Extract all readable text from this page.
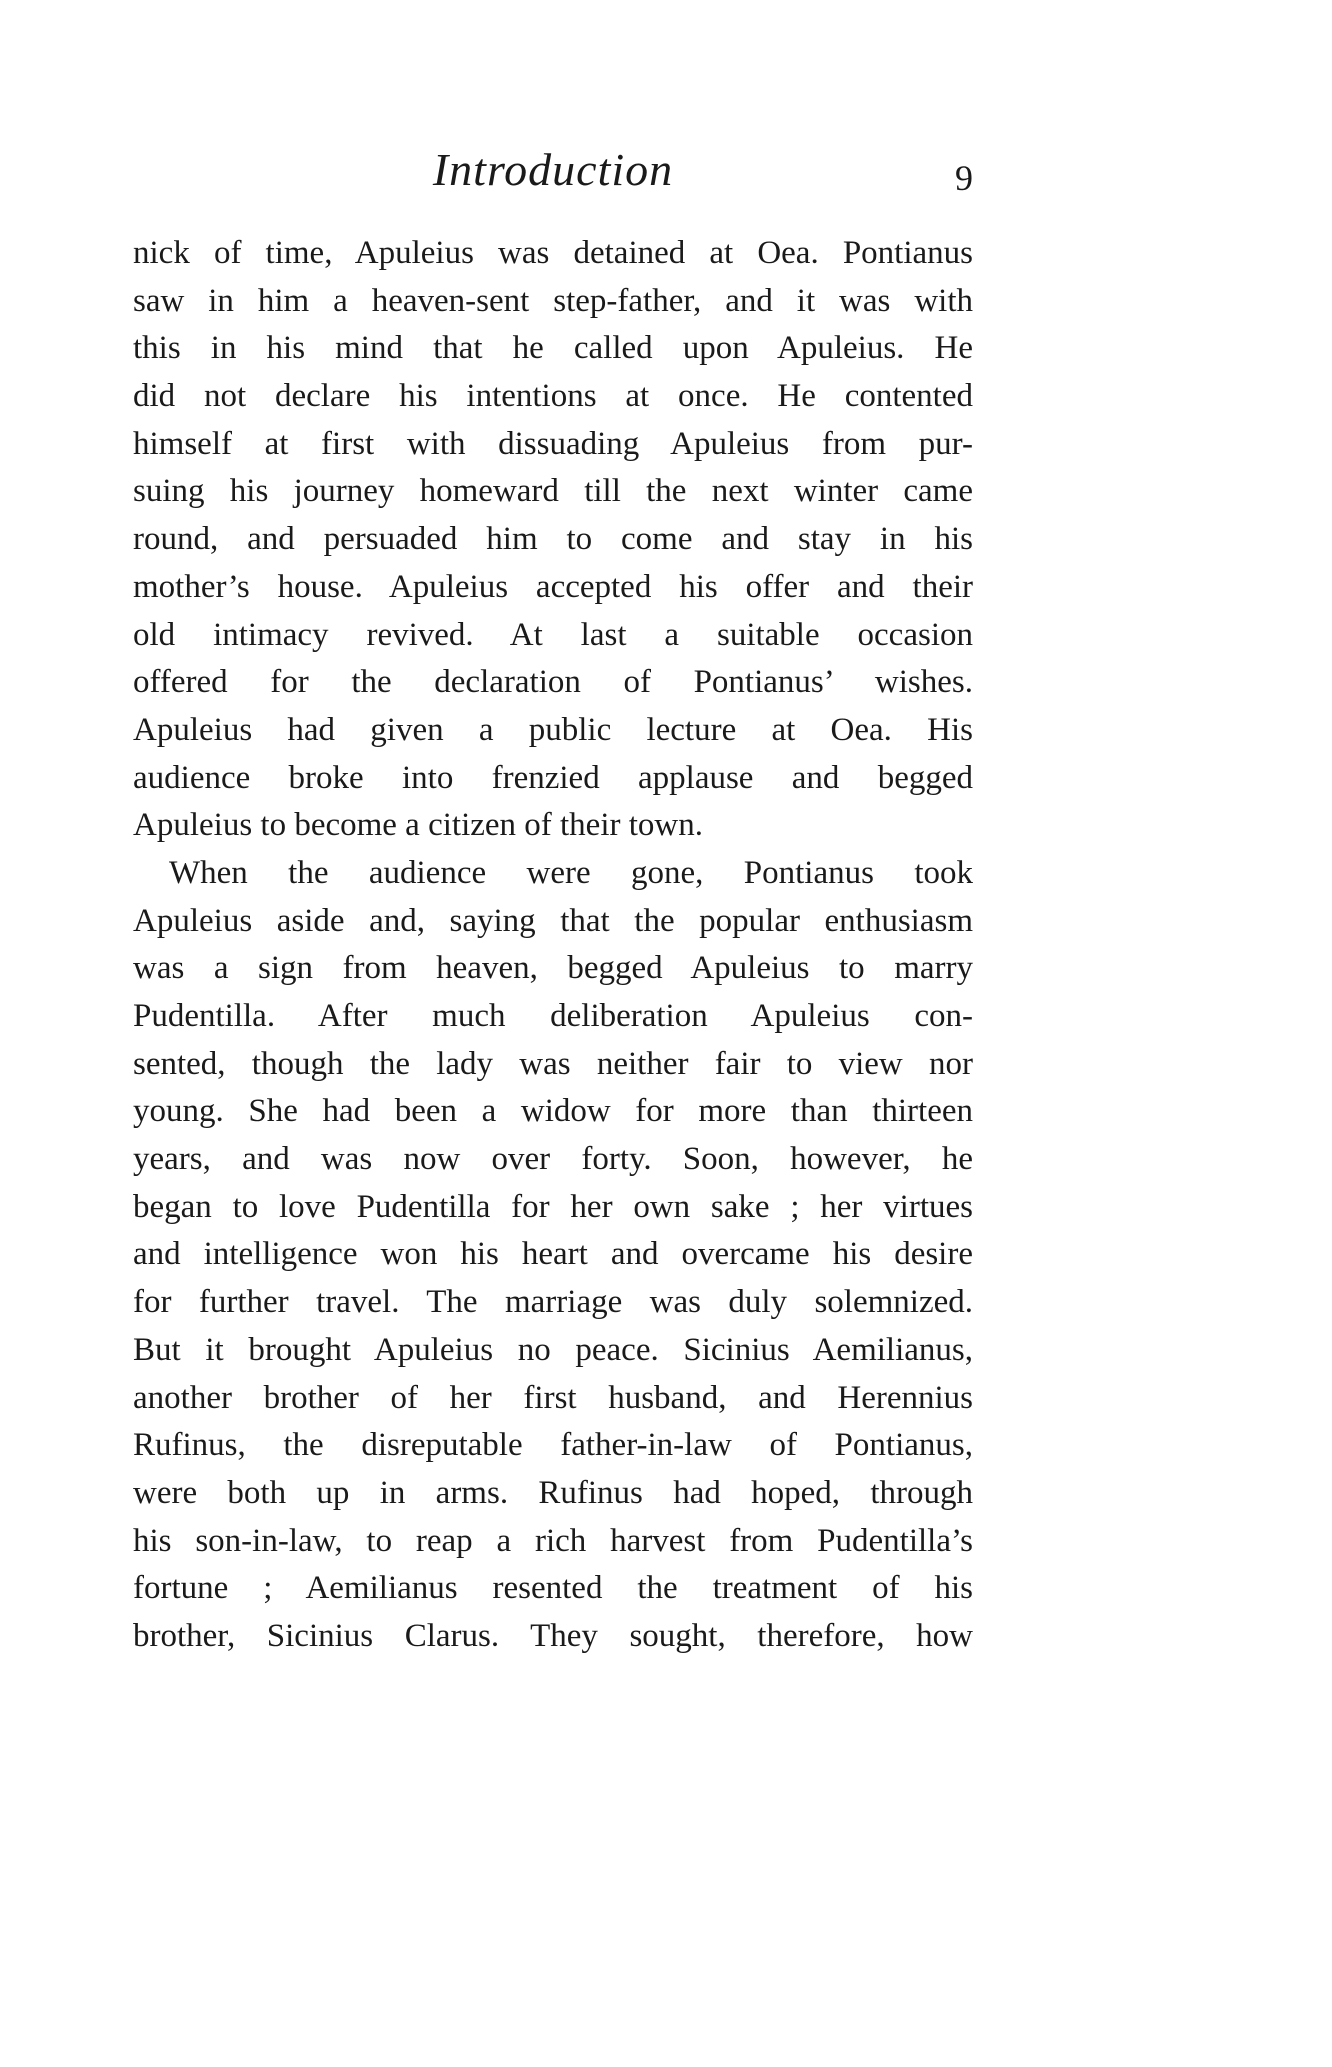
Introduction	9
nick of time, Apuleius was detained at Oea. Pontianus
saw in him a heaven-sent step-father, and it was with
this in his mind that he called upon Apuleius. He
did not declare his intentions at once. He contented
himself at first with dissuading Apuleius from pur-
suing his journey homeward till the next winter came
round, and persuaded him to come and stay in his
mother’s house. Apuleius accepted his offer and their
old intimacy revived. At last a suitable occasion
offered for the declaration of Pontianus’ wishes.
Apuleius had given a public lecture at Oea. His
audience broke into frenzied applause and begged
Apuleius to become a citizen of their town.
When the audience were gone, Pontianus took
Apuleius aside and, saying that the popular enthusiasm
was a sign from heaven, begged Apuleius to marry
Pudentilla. After much deliberation Apuleius con-
sented, though the lady was neither fair to view nor
young. She had been a widow for more than thirteen
years, and was now over forty. Soon, however, he
began to love Pudentilla for her own sake ; her virtues
and intelligence won his heart and overcame his desire
for further travel. The marriage was duly solemnized.
But it brought Apuleius no peace. Sicinius Aemilianus,
another brother of her first husband, and Herennius
Rufinus, the disreputable father-in-law of Pontianus,
were both up in arms. Rufinus had hoped, through
his son-in-law, to reap a rich harvest from Pudentilla’s
fortune ; Aemilianus resented the treatment of his
brother, Sicinius Clarus. They sought, therefore, how
